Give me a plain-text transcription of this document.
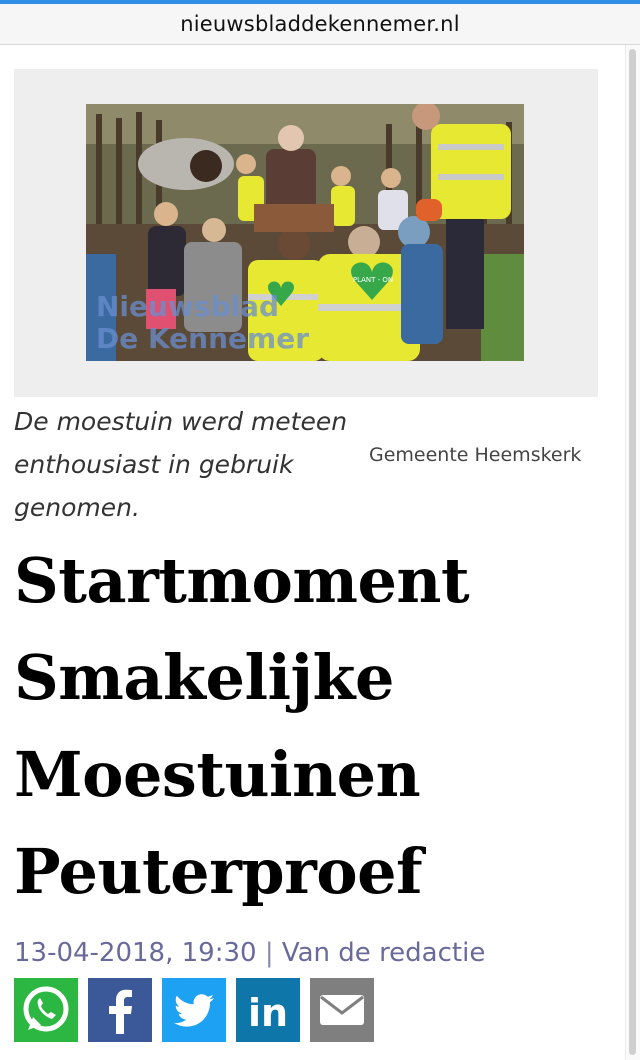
nieuwsbladdekennemer.nl
PLANT - ON
Nieuwsblad
De Kennemer
De moestuin werd meteen enthousiast in gebruik genomen.
Gemeente Heemskerk
Startmoment Smakelijke Moestuinen Peuterproef
13-04-2018, 19:30 | Van de redactie
in
